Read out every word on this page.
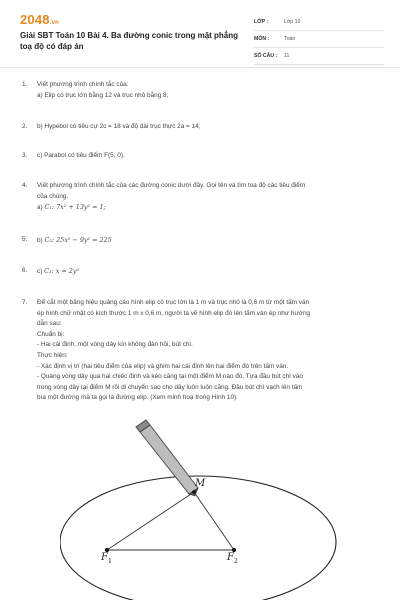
2048.vn
Giải SBT Toán 10 Bài 4. Ba đường conic trong mặt phẳng toạ độ có đáp án
LỚP :	Lớp 10
MÔN :	Toán
SỐ CÂU :	11
1.	Viết phương trình chính tắc của:

a) Elip có trục lớn bằng 12 và trục nhỏ bằng 8;

2.	b) Hypebol có tiêu cự 2c = 18 và độ dài trục thực 2a = 14;

3.	c) Parabol có tiêu điểm F(5; 0).

4.	Viết phương trình chính tắc của các đường conic dưới đây. Gọi tên và tìm toạ độ các tiêu điểm

của chúng.

a) C₁: 7x² + 13y² = 1;

5.	b) C₂: 25x² − 9y² = 225

6.	c) C₃: x = 2y²

7.	Để cắt một bảng hiệu quảng cáo hình elip có trục lớn là 1 m và trục nhỏ là 0,6 m từ một tấm ván

ép hình chữ nhật có kích thước 1 m x 0,6 m, người ta vẽ hình elip đó lên tấm ván ép như hướng

dẫn sau:

Chuẩn bị:

- Hai cái đinh, một vòng dây kín không đàn hồi, bút chì.

Thực hiện:

- Xác định vị trí (hai tiêu điểm của elip) và ghim hai cái đinh lên hai điểm đó trên tấm ván.

- Quàng vòng dây qua hai chiếc đinh và kéo căng tại một điểm M nào đó. Tựa đầu bút chì vào

trong vòng dây tại điểm M rồi di chuyển sao cho dây luôn luôn căng. Đầu bút chì vạch lên tấm

bìa một đường mà ta gọi là đường elip. (Xem minh hoạ trong Hình 10).

M
$F_1$	$F_2$
